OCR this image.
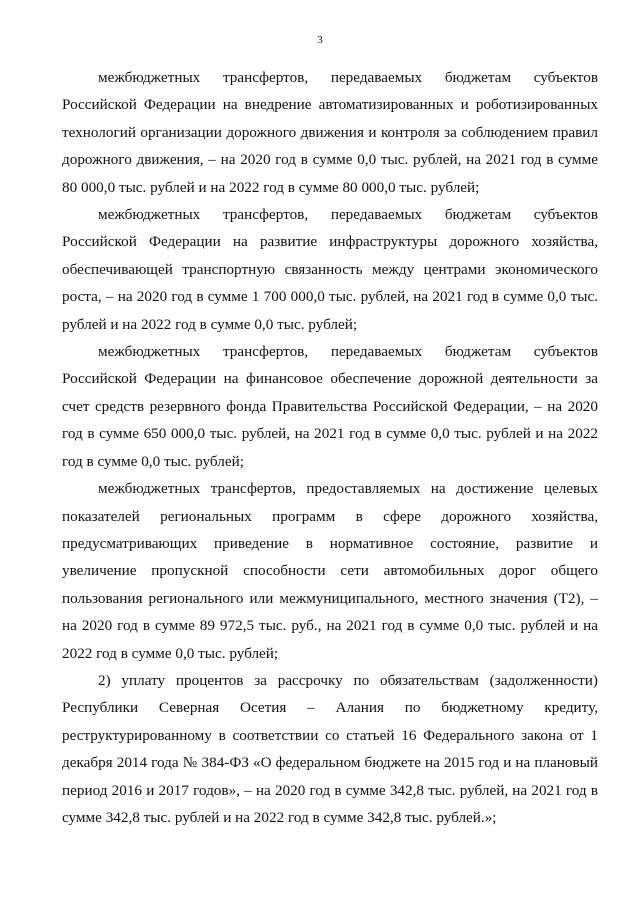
3

межбюджетных трансфертов, передаваемых бюджетам субъектов Российской Федерации на внедрение автоматизированных и роботизированных технологий организации дорожного движения и контроля за соблюдением правил дорожного движения, – на 2020 год в сумме 0,0 тыс. рублей, на 2021 год в сумме 80 000,0 тыс. рублей и на 2022 год в сумме 80 000,0 тыс. рублей;

межбюджетных трансфертов, передаваемых бюджетам субъектов Российской Федерации на развитие инфраструктуры дорожного хозяйства, обеспечивающей транспортную связанность между центрами экономического роста, – на 2020 год в сумме 1 700 000,0 тыс. рублей, на 2021 год в сумме 0,0 тыс. рублей и на 2022 год в сумме 0,0 тыс. рублей;

межбюджетных трансфертов, передаваемых бюджетам субъектов Российской Федерации на финансовое обеспечение дорожной деятельности за счет средств резервного фонда Правительства Российской Федерации, – на 2020 год в сумме 650 000,0 тыс. рублей, на 2021 год в сумме 0,0 тыс. рублей и на 2022 год в сумме 0,0 тыс. рублей;

межбюджетных трансфертов, предоставляемых на достижение целевых показателей региональных программ в сфере дорожного хозяйства, предусматривающих приведение в нормативное состояние, развитие и увеличение пропускной способности сети автомобильных дорог общего пользования регионального или межмуниципального, местного значения (Т2), – на 2020 год в сумме 89 972,5 тыс. руб., на 2021 год в сумме 0,0 тыс. рублей и на 2022 год в сумме 0,0 тыс. рублей;

2) уплату процентов за рассрочку по обязательствам (задолженности) Республики Северная Осетия – Алания по бюджетному кредиту, реструктурированному в соответствии со статьей 16 Федерального закона от 1 декабря 2014 года № 384-ФЗ «О федеральном бюджете на 2015 год и на плановый период 2016 и 2017 годов», – на 2020 год в сумме 342,8 тыс. рублей, на 2021 год в сумме 342,8 тыс. рублей и на 2022 год в сумме 342,8 тыс. рублей.»;
